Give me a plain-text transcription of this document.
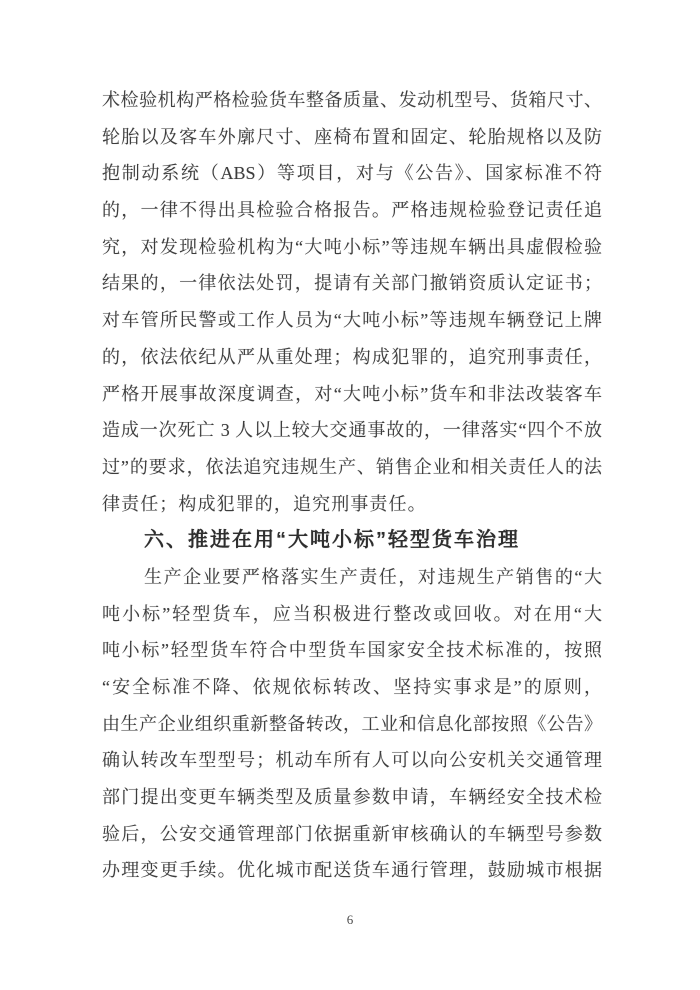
术检验机构严格检验货车整备质量、发动机型号、货箱尺寸、
轮胎以及客车外廓尺寸、座椅布置和固定、轮胎规格以及防
抱制动系统（ABS）等项目，对与《公告》、国家标准不符
的，一律不得出具检验合格报告。严格违规检验登记责任追
究，对发现检验机构为“大吨小标”等违规车辆出具虚假检验
结果的，一律依法处罚，提请有关部门撤销资质认定证书；
对车管所民警或工作人员为“大吨小标”等违规车辆登记上牌
的，依法依纪从严从重处理；构成犯罪的，追究刑事责任，
严格开展事故深度调查，对“大吨小标”货车和非法改装客车
造成一次死亡 3 人以上较大交通事故的，一律落实“四个不放
过”的要求，依法追究违规生产、销售企业和相关责任人的法
律责任；构成犯罪的，追究刑事责任。
六、推进在用“大吨小标”轻型货车治理
生产企业要严格落实生产责任，对违规生产销售的“大
吨小标”轻型货车，应当积极进行整改或回收。对在用“大
吨小标”轻型货车符合中型货车国家安全技术标准的，按照
“安全标准不降、依规依标转改、坚持实事求是”的原则，
由生产企业组织重新整备转改，工业和信息化部按照《公告》
确认转改车型型号；机动车所有人可以向公安机关交通管理
部门提出变更车辆类型及质量参数申请，车辆经安全技术检
验后，公安交通管理部门依据重新审核确认的车辆型号参数
办理变更手续。优化城市配送货车通行管理，鼓励城市根据
6
